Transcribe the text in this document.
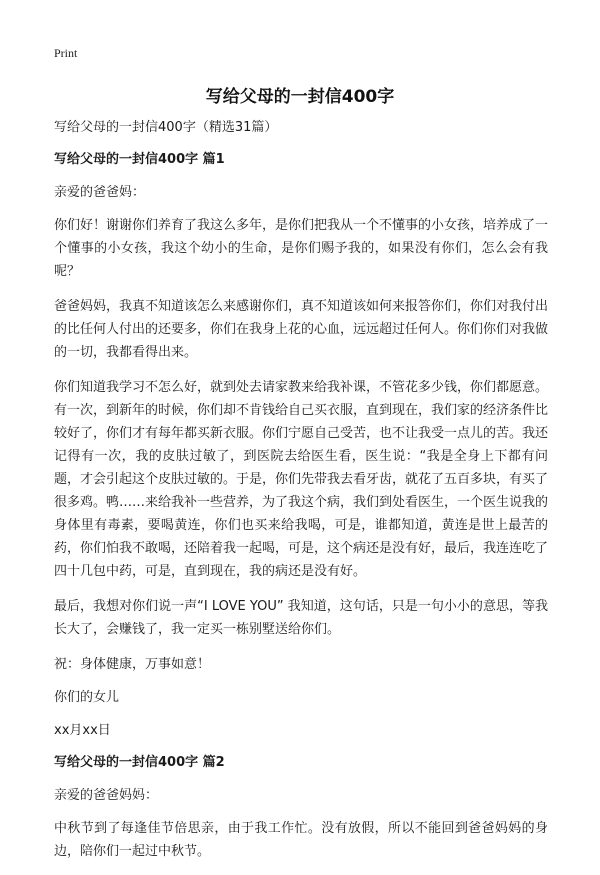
Print
写给父母的一封信400字

写给父母的一封信400字（精选31篇）

写给父母的一封信400字 篇1

亲爱的爸爸妈：

你们好！谢谢你们养育了我这么多年，是你们把我从一个不懂事的小女孩，培养成了一个懂事的小女孩，我这个幼小的生命，是你们赐予我的，如果没有你们，怎么会有我呢？

爸爸妈妈，我真不知道该怎么来感谢你们，真不知道该如何来报答你们，你们对我付出的比任何人付出的还要多，你们在我身上花的心血，远远超过任何人。你们你们对我做的一切，我都看得出来。

你们知道我学习不怎么好，就到处去请家教来给我补课，不管花多少钱，你们都愿意。有一次，到新年的时候，你们却不肯钱给自己买衣服，直到现在，我们家的经济条件比较好了，你们才有每年都买新衣服。你们宁愿自己受苦，也不让我受一点儿的苦。我还记得有一次，我的皮肤过敏了，到医院去给医生看，医生说：“我是全身上下都有问题，才会引起这个皮肤过敏的。于是，你们先带我去看牙齿，就花了五百多块，有买了很多鸡。鸭……来给我补一些营养，为了我这个病，我们到处看医生，一个医生说我的身体里有毒素，要喝黄连，你们也买来给我喝，可是，谁都知道，黄连是世上最苦的药，你们怕我不敢喝，还陪着我一起喝，可是，这个病还是没有好，最后，我连连吃了四十几包中药，可是，直到现在，我的病还是没有好。

最后，我想对你们说一声“I LOVE YOU” 我知道，这句话，只是一句小小的意思，等我长大了，会赚钱了，我一定买一栋别墅送给你们。

祝：身体健康，万事如意！

你们的女儿

xx月xx日

写给父母的一封信400字 篇2

亲爱的爸爸妈妈：

中秋节到了每逢佳节倍思亲，由于我工作忙。没有放假，所以不能回到爸爸妈妈的身边，陪你们一起过中秋节。
